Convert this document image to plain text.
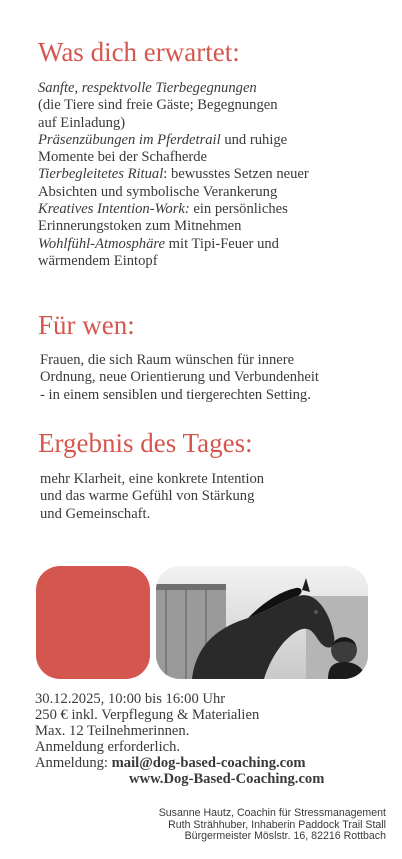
Was dich erwartet:
Sanfte, respektvolle Tierbegegnungen
(die Tiere sind freie Gäste; Begegnungen
auf Einladung)
Präsenzübungen im Pferdetrail und ruhige
Momente bei der Schafherde
Tierbegleitetes Ritual: bewusstes Setzen neuer
Absichten und symbolische Verankerung
Kreatives Intention-Work: ein persönliches
Erinnerungstoken zum Mitnehmen
Wohlfühl-Atmosphäre mit Tipi-Feuer und
wärmendem Eintopf
Für wen:
Frauen, die sich Raum wünschen für innere
Ordnung, neue Orientierung und Verbundenheit
- in einem sensiblen und tiergerechten Setting.
Ergebnis des Tages:
mehr Klarheit, eine konkrete Intention
und das warme Gefühl von Stärkung
und Gemeinschaft.
30.12.2025, 10:00 bis 16:00 Uhr
250 € inkl. Verpflegung & Materialien
Max. 12 Teilnehmerinnen.
Anmeldung erforderlich.
Anmeldung: mail@dog-based-coaching.com
www.Dog-Based-Coaching.com
Susanne Hautz, Coachin für Stressmanagement
Ruth Strähhuber, Inhaberin Paddock Trail Stall
Bürgermeister Möslstr. 16, 82216 Rottbach
